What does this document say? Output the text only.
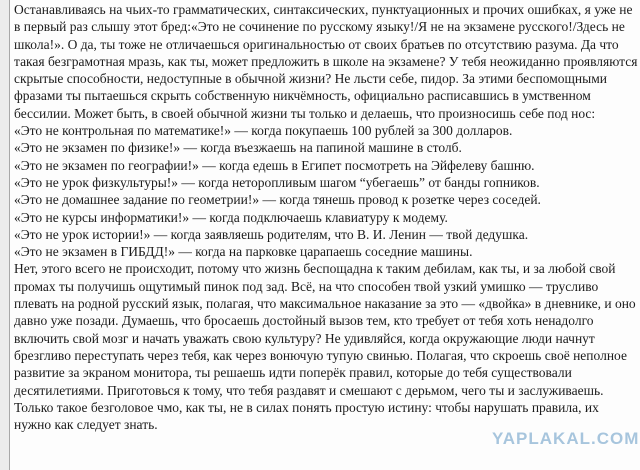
YAPLAKAL.COM

Останавливаясь на чьих-то грамматических, синтаксических, пунктуационных и прочих ошибках, я уже не в первый раз слышу этот бред:«Это не сочинение по русскому языку!/Я не на экзамене русского!/Здесь не школа!». О да, ты тоже не отличаешься оригинальностью от своих братьев по отсутствию разума. Да что такая безграмотная мразь, как ты, может предложить в школе на экзамене? У тебя неожиданно проявляются скрытые способности, недоступные в обычной жизни? Не льсти себе, пидор. За этими беспомощными фразами ты пытаешься скрыть собственную никчёмность, официально расписавшись в умственном бессилии. Может быть, в своей обычной жизни ты только и делаешь, что произносишь себе под нос:

«Это не контрольная по математике!» — когда покупаешь 100 рублей за 300 долларов.

«Это не экзамен по физике!» — когда въезжаешь на папиной машине в столб.

«Это не экзамен по географии!» — когда едешь в Египет посмотреть на Эйфелеву башню.

«Это не урок физкультуры!» — когда неторопливым шагом “убегаешь” от банды гопников.

«Это не домашнее задание по геометрии!» — когда тянешь провод к розетке через соседей.

«Это не курсы информатики!» — когда подключаешь клавиатуру к модему.

«Это не урок истории!» — когда заявляешь родителям, что В. И. Ленин — твой дедушка.

«Это не экзамен в ГИБДД!» — когда на парковке царапаешь соседние машины.

Нет, этого всего не происходит, потому что жизнь беспощадна к таким дебилам, как ты, и за любой свой промах ты получишь ощутимый пинок под зад. Всё, на что способен твой узкий умишко — трусливо плевать на родной русский язык, полагая, что максимальное наказание за это — «двойка» в дневнике, и оно давно уже позади. Думаешь, что бросаешь достойный вызов тем, кто требует от тебя хоть ненадолго включить свой мозг и начать уважать свою культуру? Не удивляйся, когда окружающие люди начнут брезгливо переступать через тебя, как через вонючую тупую свинью. Полагая, что скроешь своё неполное развитие за экраном монитора, ты решаешь идти поперёк правил, которые до тебя существовали десятилетиями. Приготовься к тому, что тебя раздавят и смешают с дерьмом, чего ты и заслуживаешь. Только такое безголовое чмо, как ты, не в силах понять простую истину: чтобы нарушать правила, их нужно как следует знать.
